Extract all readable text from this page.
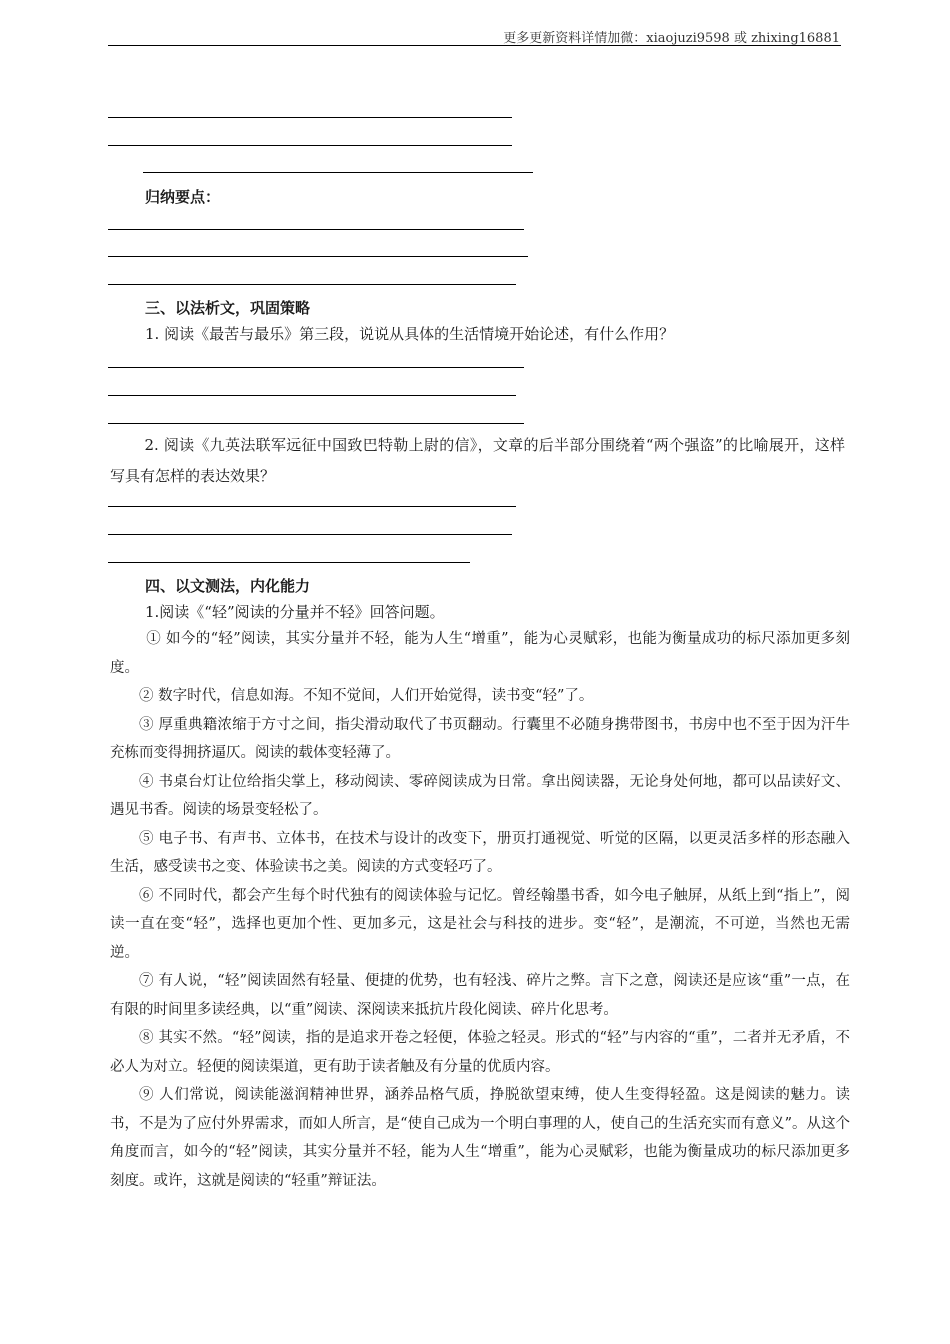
更多更新资料详情加微：xiaojuzi9598 或 zhixing16881
归纳要点：
三、以法析文，巩固策略
1. 阅读《最苦与最乐》第三段，说说从具体的生活情境开始论述，有什么作用？
2. 阅读《九英法联军远征中国致巴特勒上尉的信》，文章的后半部分围绕着“两个强盗”的比喻展开，这样写具有怎样的表达效果？
四、以文测法，内化能力
1.阅读《“轻”阅读的分量并不轻》回答问题。

① 如今的“轻”阅读，其实分量并不轻，能为人生“增重”，能为心灵赋彩，也能为衡量成功的标尺添加更多刻度。

② 数字时代，信息如海。不知不觉间，人们开始觉得，读书变“轻”了。

③ 厚重典籍浓缩于方寸之间，指尖滑动取代了书页翻动。行囊里不必随身携带图书，书房中也不至于因为汗牛充栋而变得拥挤逼仄。阅读的载体变轻薄了。

④ 书桌台灯让位给指尖掌上，移动阅读、零碎阅读成为日常。拿出阅读器，无论身处何地，都可以品读好文、遇见书香。阅读的场景变轻松了。

⑤ 电子书、有声书、立体书，在技术与设计的改变下，册页打通视觉、听觉的区隔，以更灵活多样的形态融入生活，感受读书之变、体验读书之美。阅读的方式变轻巧了。

⑥ 不同时代，都会产生每个时代独有的阅读体验与记忆。曾经翰墨书香，如今电子触屏，从纸上到“指上”，阅读一直在变“轻”，选择也更加个性、更加多元，这是社会与科技的进步。变“轻”，是潮流，不可逆，当然也无需逆。

⑦ 有人说，“轻”阅读固然有轻量、便捷的优势，也有轻浅、碎片之弊。言下之意，阅读还是应该“重”一点，在有限的时间里多读经典，以“重”阅读、深阅读来抵抗片段化阅读、碎片化思考。

⑧ 其实不然。“轻”阅读，指的是追求开卷之轻便，体验之轻灵。形式的“轻”与内容的“重”，二者并无矛盾，不必人为对立。轻便的阅读渠道，更有助于读者触及有分量的优质内容。

⑨ 人们常说，阅读能滋润精神世界，涵养品格气质，挣脱欲望束缚，使人生变得轻盈。这是阅读的魅力。读书，不是为了应付外界需求，而如人所言，是“使自己成为一个明白事理的人，使自己的生活充实而有意义”。从这个角度而言，如今的“轻”阅读，其实分量并不轻，能为人生“增重”，能为心灵赋彩，也能为衡量成功的标尺添加更多刻度。或许，这就是阅读的“轻重”辩证法。
